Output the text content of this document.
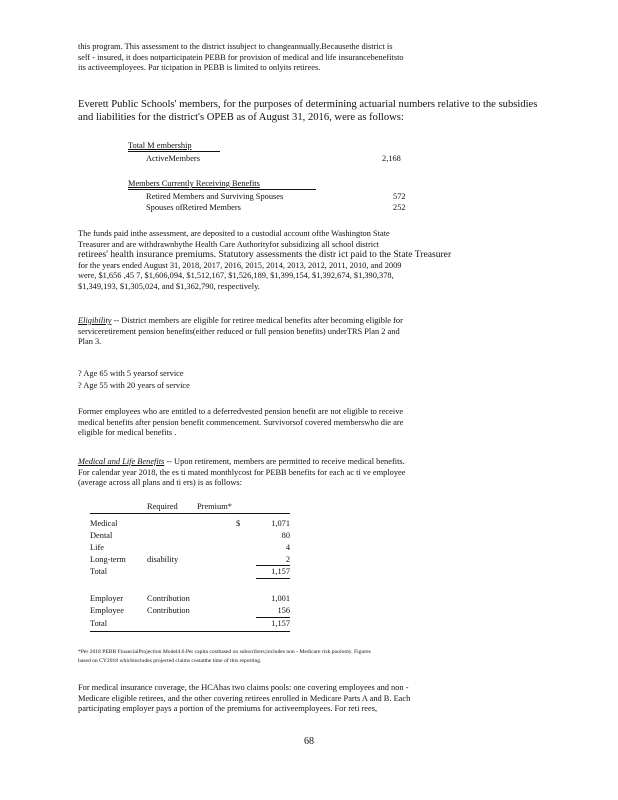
this program. This assessment to the district issubject to changeannually.Becausethe district is

self - insured, it does notparticipatein PEBB for provision of medical and life insurancebenefitsto

its activeemployees. Par ticipation in PEBB is limited to onlyits retirees.

Everett Public Schools' members, for the purposes of determining actuarial numbers relative to the subsidies and liabilities for the district's OPEB as of August 31, 2016, were as follows:
Total M embership
ActiveMembers	2,168
Members Currently Receiving Benefits
Retired Members and Surviving Spouses	572
Spouses ofRetired Members	252

The funds paid inthe assessment, are deposited to a custodial account ofthe Washington State

Treasurer and are withdrawnbythe Health Care Authorityfor subsidizing all school district

retirees' health insurance premiums. Statutory assessments the distr ict paid to the State Treasurer

for the years ended August 31, 2018, 2017, 2016, 2015, 2014, 2013, 2012, 2011, 2010, and 2009

were, $1,656 ,45 7, $1,606,094, $1,512,167, $1,526,189, $1,399,154, $1,392,674, $1,390,378,

$1,349,193, $1,305,024, and $1,362,790, respectively.

Eligibility -- District members are eligible for retiree medical benefits after becoming eligible for

serviceretirement pension benefits(either reduced or full pension benefits) underTRS Plan 2 and

Plan 3.

? Age 65 with 5 yearsof service
? Age 55 with 20 years of service

Former employees who are entitled to a deferredvested pension benefit are not eligible to receive

medical benefits after pension benefit commencement. Survivorsof covered memberswho die are

eligible for medical benefits .

Medical and Life Benefits -- Upon retirement, members are permitted to receive medical benefits.

For calendar year 2018, the es ti mated monthlycost for PEBB benefits for each ac ti ve employee

(average across all plans and ti ers) is as follows:

Required Premium*
Medical	$	1,071
Dental	80
Life	4
Long-term	disability	2
Total	1,157
Employer	Contribution	1,001
Employee	Contribution	156
Total	1,157

*Per 2018 PEBB FinancialProjection Model4.0.Per capita costbased on subscribers;includes non - Medicare risk poolonly. Figures

based on CY2018 whichincludes projected claims costatthe time of this reporting.

For medical insurance coverage, the HCAhas two claims pools: one covering employees and non -

Medicare eligible retirees, and the other covering retirees enrolled in Medicare Parts A and B. Each

participating employer pays a portion of the premiums for activeemployees. For reti rees,

68
